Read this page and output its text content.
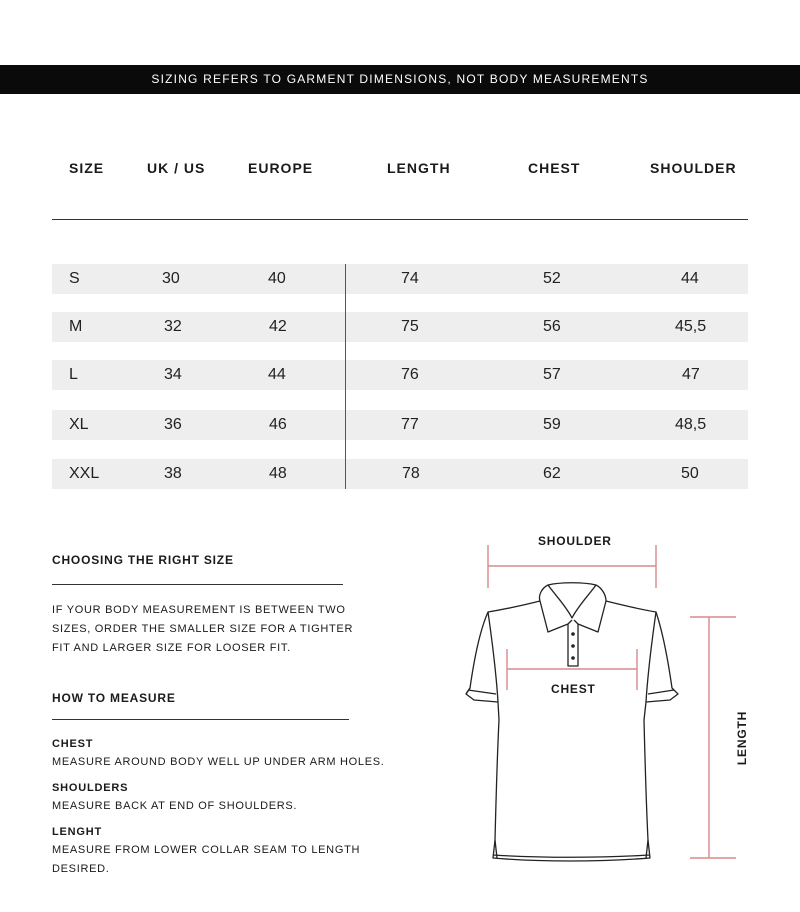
SIZING REFERS TO GARMENT DIMENSIONS, NOT BODY MEASUREMENTS
SIZE	UK / US	EUROPE	LENGTH	CHEST	SHOULDER
S	30	40	74	52	44
M	32	42	75	56	45,5
L	34	44	76	57	47
XL	36	46	77	59	48,5
XXL	38	48	78	62	50
CHOOSING THE RIGHT SIZE
IF YOUR BODY MEASUREMENT IS BETWEEN TWO SIZES, ORDER THE SMALLER SIZE FOR A TIGHTER FIT AND LARGER SIZE FOR LOOSER FIT.
HOW TO MEASURE
CHEST
MEASURE AROUND BODY WELL UP UNDER ARM HOLES.
SHOULDERS
MEASURE BACK AT END OF SHOULDERS.
LENGHT
MEASURE FROM LOWER COLLAR SEAM TO LENGTH
DESIRED.
SHOULDER
CHEST
LENGTH
